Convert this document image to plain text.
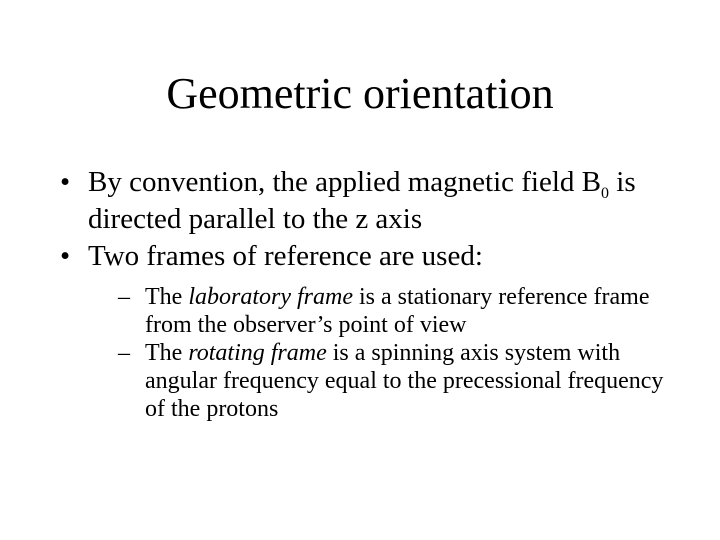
Geometric orientation
• By convention, the applied magnetic field $B_0$ is directed parallel to the z axis
• Two frames of reference are used:
– The laboratory frame is a stationary reference frame from the observer’s point of view
– The rotating frame is a spinning axis system with angular frequency equal to the precessional frequency of the protons
